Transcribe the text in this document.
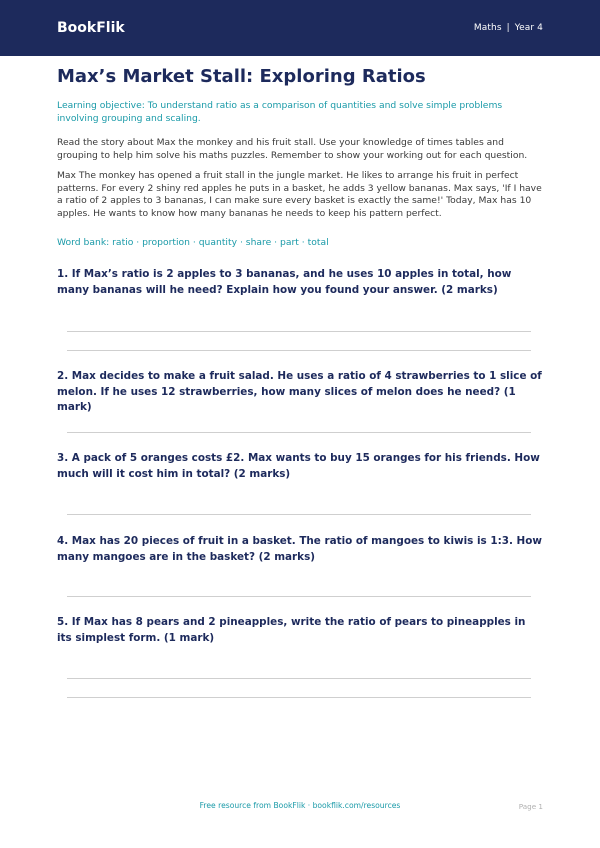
BookFlik	Maths | Year 4
Max’s Market Stall: Exploring Ratios
Learning objective: To understand ratio as a comparison of quantities and solve simple problems involving grouping and scaling.
Read the story about Max the monkey and his fruit stall. Use your knowledge of times tables and grouping to help him solve his maths puzzles. Remember to show your working out for each question.
Max The monkey has opened a fruit stall in the jungle market. He likes to arrange his fruit in perfect patterns. For every 2 shiny red apples he puts in a basket, he adds 3 yellow bananas. Max says, 'If I have a ratio of 2 apples to 3 bananas, I can make sure every basket is exactly the same!' Today, Max has 10 apples. He wants to know how many bananas he needs to keep his pattern perfect.
Word bank: ratio · proportion · quantity · share · part · total
1. If Max’s ratio is 2 apples to 3 bananas, and he uses 10 apples in total, how many bananas will he need? Explain how you found your answer. (2 marks)
2. Max decides to make a fruit salad. He uses a ratio of 4 strawberries to 1 slice of melon. If he uses 12 strawberries, how many slices of melon does he need? (1 mark)
3. A pack of 5 oranges costs £2. Max wants to buy 15 oranges for his friends. How much will it cost him in total? (2 marks)
4. Max has 20 pieces of fruit in a basket. The ratio of mangoes to kiwis is 1:3. How many mangoes are in the basket? (2 marks)
5. If Max has 8 pears and 2 pineapples, write the ratio of pears to pineapples in its simplest form. (1 mark)
Free resource from BookFlik · bookflik.com/resources	Page 1
